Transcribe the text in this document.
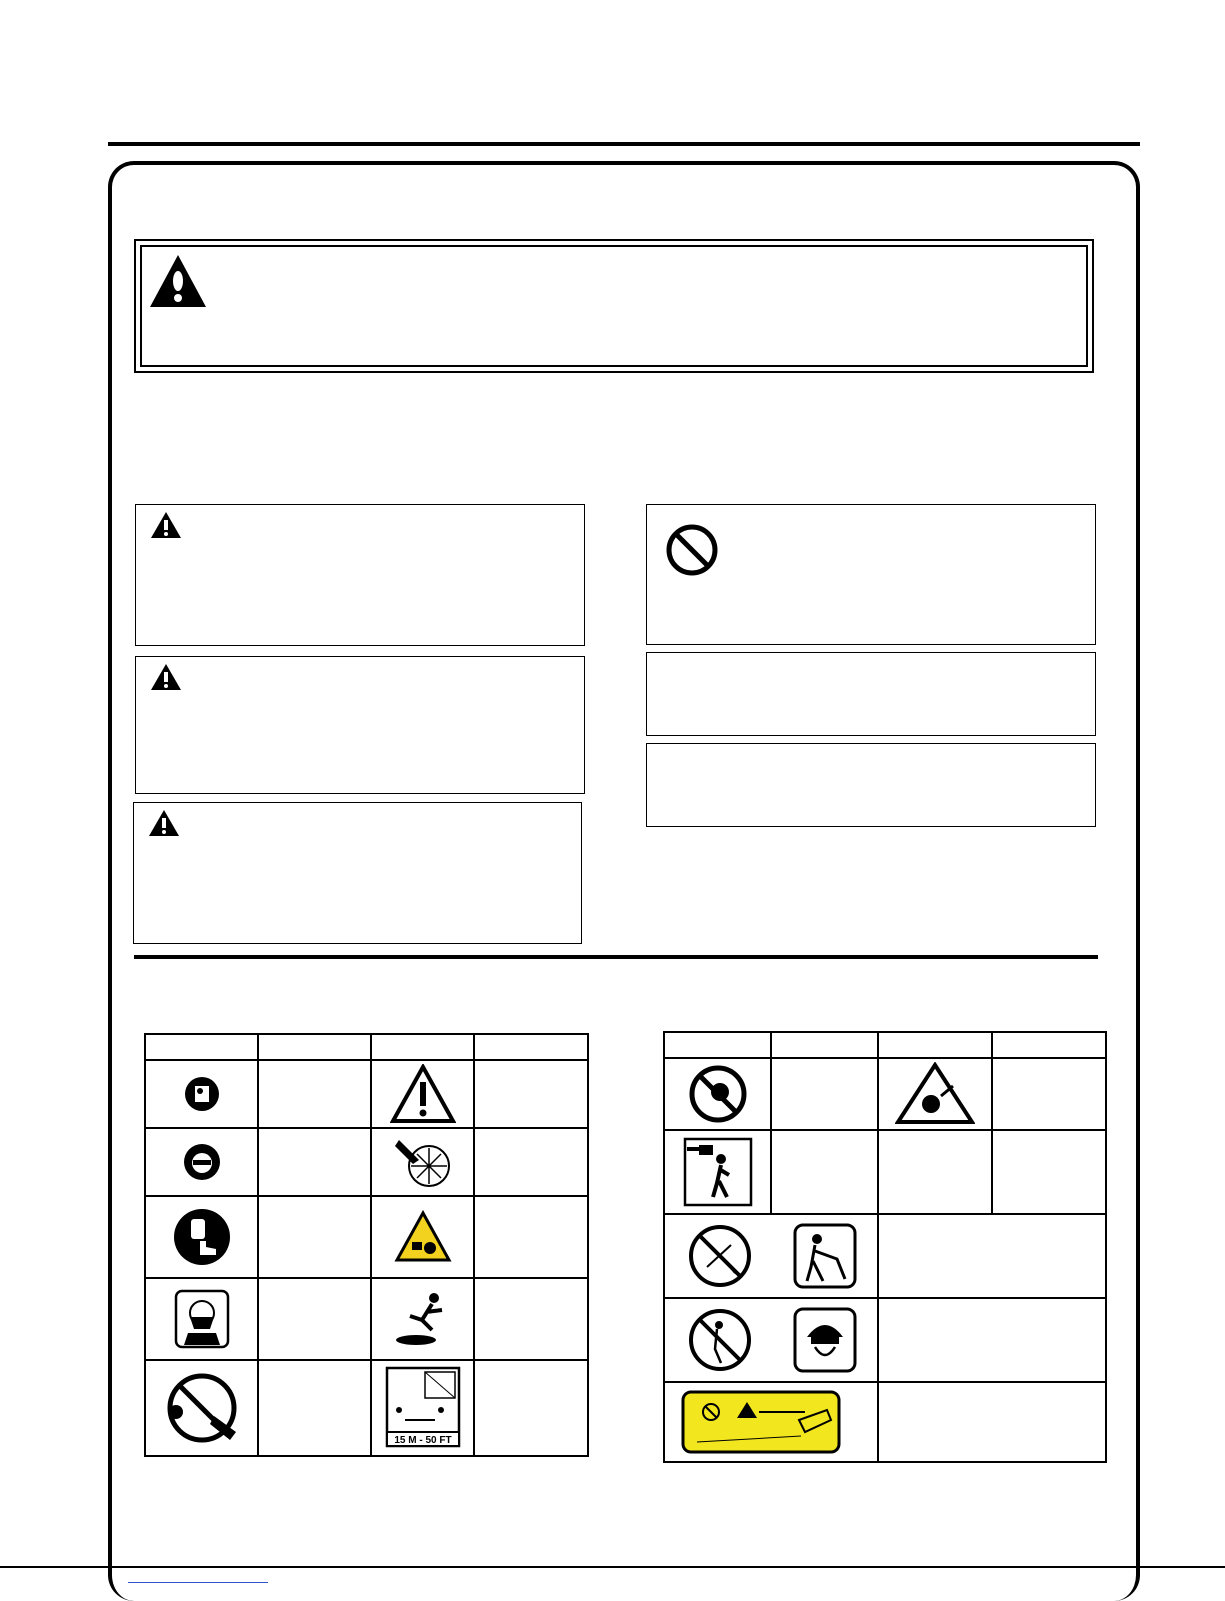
15 M - 50 FT	
